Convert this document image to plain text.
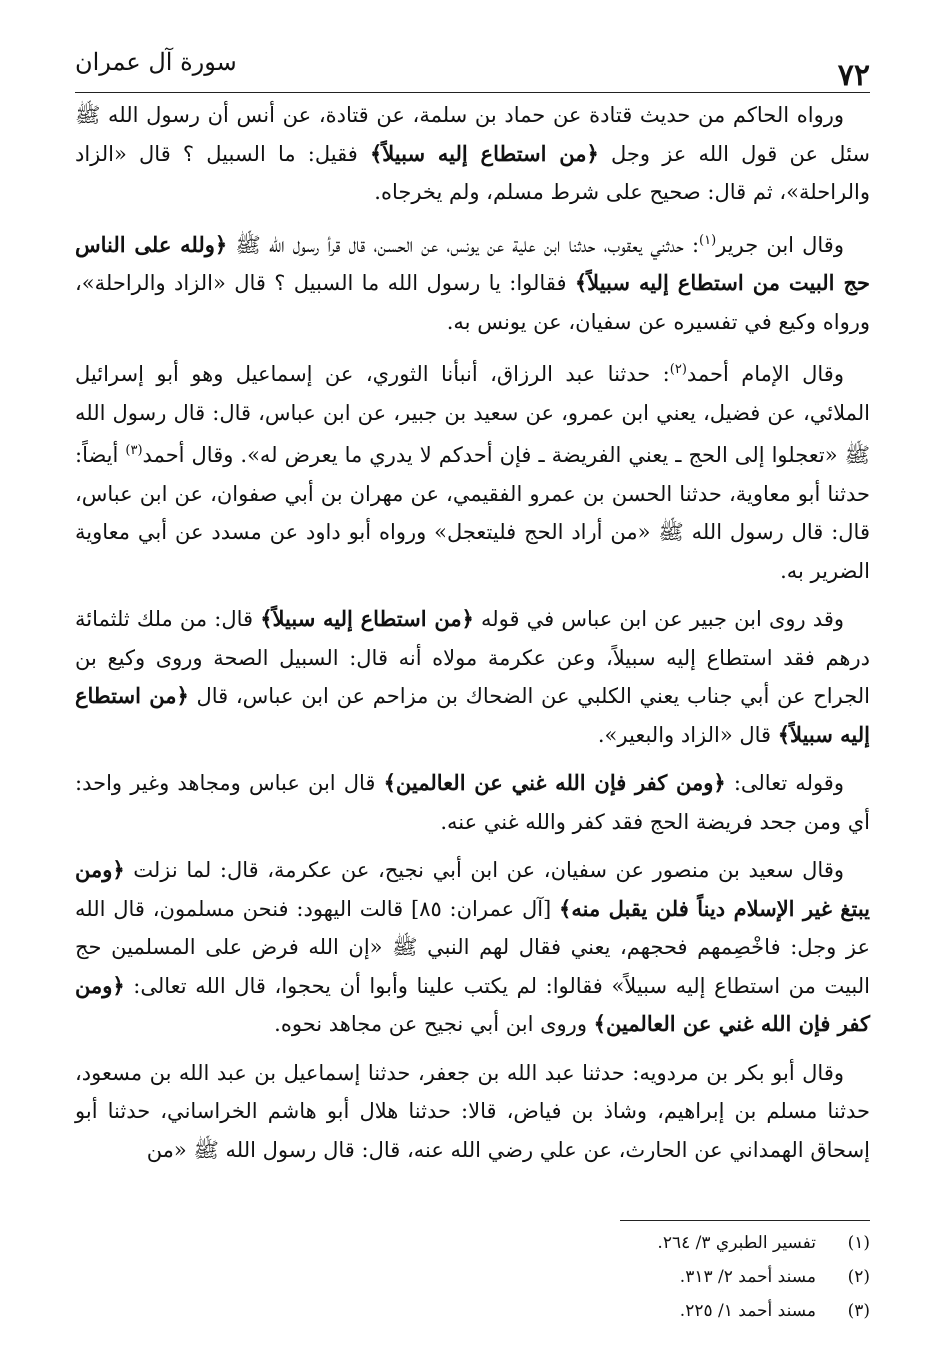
سورة آل عمران	٧٢

ورواه الحاكم من حديث قتادة عن حماد بن سلمة، عن قتادة، عن أنس أن رسول الله ﷺ سئل عن قول الله عز وجل ﴿من استطاع إليه سبيلاً﴾ فقيل: ما السبيل ؟ قال «الزاد والراحلة»، ثم قال: صحيح على شرط مسلم، ولم يخرجاه.

وقال ابن جرير$^{(١)}$: حدثني يعقوب، حدثنا ابن علية عن يونس، عن الحسن، قال قرأ رسول الله ﷺ ﴿ولله على الناس حج البيت من استطاع إليه سبيلاً﴾ فقالوا: يا رسول الله ما السبيل ؟ قال «الزاد والراحلة»، ورواه وكيع في تفسيره عن سفيان، عن يونس به.

وقال الإمام أحمد$^{(٢)}$: حدثنا عبد الرزاق، أنبأنا الثوري، عن إسماعيل وهو أبو إسرائيل الملائي، عن فضيل، يعني ابن عمرو، عن سعيد بن جبير، عن ابن عباس، قال: قال رسول الله ﷺ «تعجلوا إلى الحج ـ يعني الفريضة ـ فإن أحدكم لا يدري ما يعرض له». وقال أحمد$^{(٣)}$ أيضاً: حدثنا أبو معاوية، حدثنا الحسن بن عمرو الفقيمي، عن مهران بن أبي صفوان، عن ابن عباس، قال: قال رسول الله ﷺ «من أراد الحج فليتعجل» ورواه أبو داود عن مسدد عن أبي معاوية الضرير به.

وقد روى ابن جبير عن ابن عباس في قوله ﴿من استطاع إليه سبيلاً﴾ قال: من ملك ثلثمائة درهم فقد استطاع إليه سبيلاً، وعن عكرمة مولاه أنه قال: السبيل الصحة وروى وكيع بن الجراح عن أبي جناب يعني الكلبي عن الضحاك بن مزاحم عن ابن عباس، قال ﴿من استطاع إليه سبيلاً﴾ قال «الزاد والبعير».

وقوله تعالى: ﴿ومن كفر فإن الله غني عن العالمين﴾ قال ابن عباس ومجاهد وغير واحد: أي ومن جحد فريضة الحج فقد كفر والله غني عنه.

وقال سعيد بن منصور عن سفيان، عن ابن أبي نجيح، عن عكرمة، قال: لما نزلت ﴿ومن يبتغ غير الإسلام ديناً فلن يقبل منه﴾ [آل عمران: ٨٥] قالت اليهود: فنحن مسلمون، قال الله عز وجل: فاخْصِمهم فحجهم، يعني فقال لهم النبي ﷺ «إن الله فرض على المسلمين حج البيت من استطاع إليه سبيلاً» فقالوا: لم يكتب علينا وأبوا أن يحجوا، قال الله تعالى: ﴿ومن كفر فإن الله غني عن العالمين﴾ وروى ابن أبي نجيح عن مجاهد نحوه.

وقال أبو بكر بن مردويه: حدثنا عبد الله بن جعفر، حدثنا إسماعيل بن عبد الله بن مسعود، حدثنا مسلم بن إبراهيم، وشاذ بن فياض، قالا: حدثنا هلال أبو هاشم الخراساني، حدثنا أبو إسحاق الهمداني عن الحارث، عن علي رضي الله عنه، قال: قال رسول الله ﷺ «من

(١)تفسير الطبري ٣/ ٢٦٤.
(٢)مسند أحمد ٢/ ٣١٣.
(٣)مسند أحمد ١/ ٢٢٥.
